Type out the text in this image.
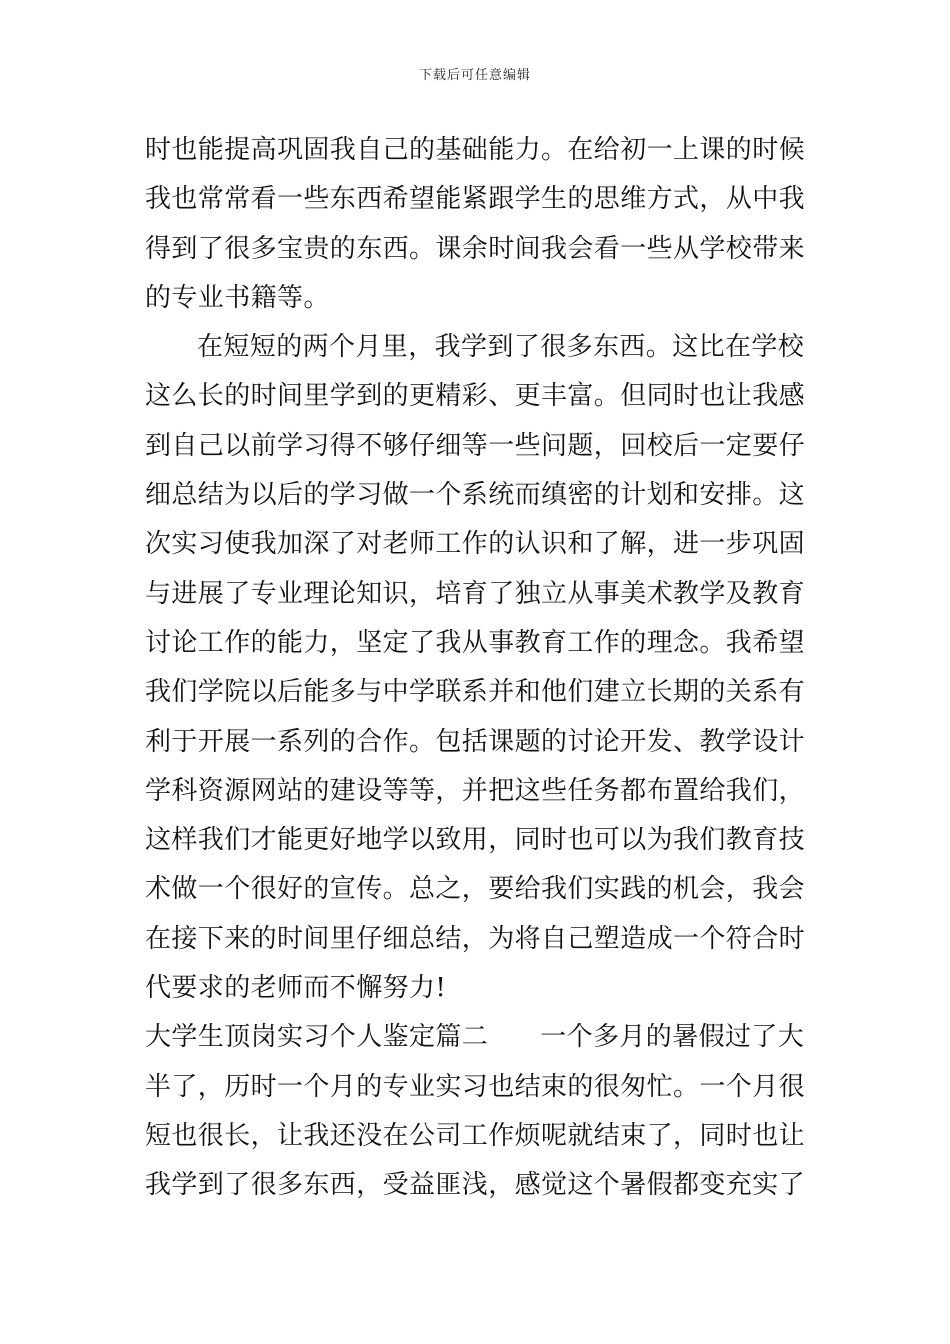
下载后可任意编辑
时也能提高巩固我自己的基础能力。在给初一上课的时候
我也常常看一些东西希望能紧跟学生的思维方式，从中我
得到了很多宝贵的东西。课余时间我会看一些从学校带来
的专业书籍等。
在短短的两个月里，我学到了很多东西。这比在学校
这么长的时间里学到的更精彩、更丰富。但同时也让我感
到自己以前学习得不够仔细等一些问题，回校后一定要仔
细总结为以后的学习做一个系统而缜密的计划和安排。这
次实习使我加深了对老师工作的认识和了解，进一步巩固
与进展了专业理论知识，培育了独立从事美术教学及教育
讨论工作的能力，坚定了我从事教育工作的理念。我希望
我们学院以后能多与中学联系并和他们建立长期的关系有
利于开展一系列的合作。包括课题的讨论开发、教学设计
学科资源网站的建设等等，并把这些任务都布置给我们，
这样我们才能更好地学以致用，同时也可以为我们教育技
术做一个很好的宣传。总之，要给我们实践的机会，我会
在接下来的时间里仔细总结，为将自己塑造成一个符合时
代要求的老师而不懈努力!
大学生顶岗实习个人鉴定篇二 一个多月的暑假过了大
半了，历时一个月的专业实习也结束的很匆忙。一个月很
短也很长，让我还没在公司工作烦呢就结束了，同时也让
我学到了很多东西，受益匪浅，感觉这个暑假都变充实了
